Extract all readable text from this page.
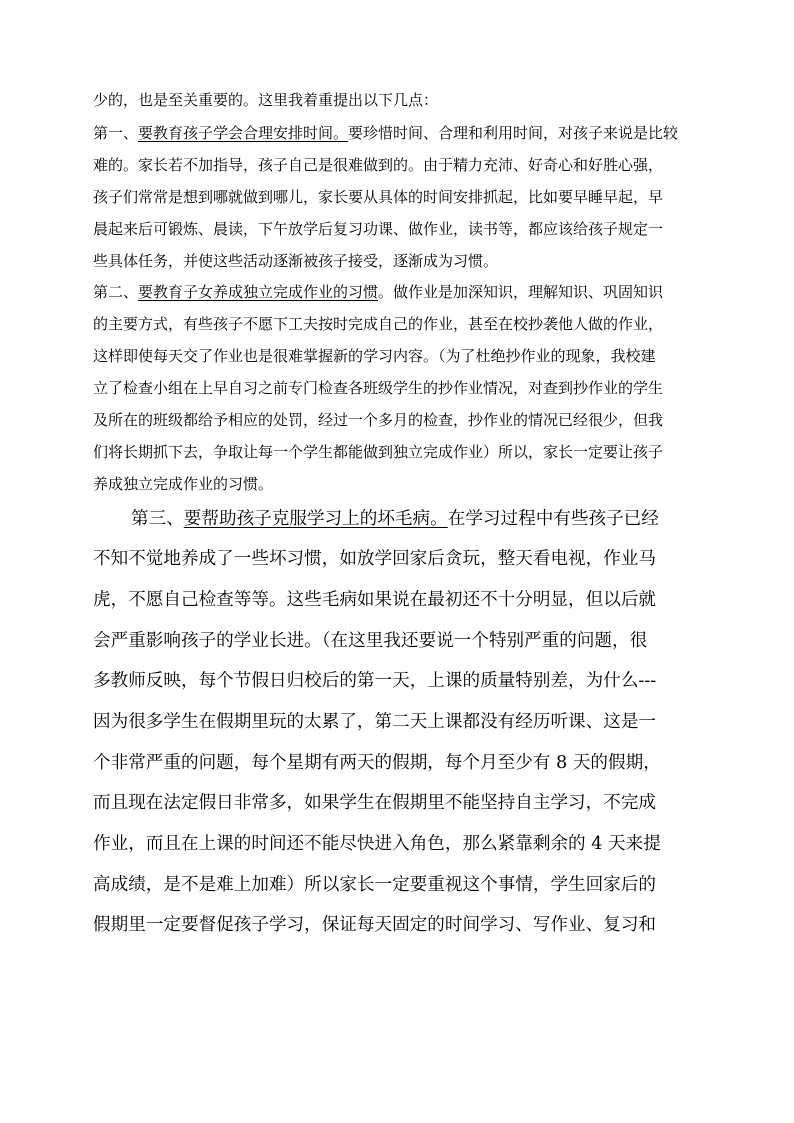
少的，也是至关重要的。这里我着重提出以下几点：
第一、要教育孩子学会合理安排时间。要珍惜时间、合理和利用时间，对孩子来说是比较
难的。家长若不加指导，孩子自己是很难做到的。由于精力充沛、好奇心和好胜心强，
孩子们常常是想到哪就做到哪儿，家长要从具体的时间安排抓起，比如要早睡早起，早
晨起来后可锻炼、晨读，下午放学后复习功课、做作业，读书等，都应该给孩子规定一
些具体任务，并使这些活动逐渐被孩子接受，逐渐成为习惯。
第二、要教育子女养成独立完成作业的习惯。做作业是加深知识，理解知识、巩固知识
的主要方式，有些孩子不愿下工夫按时完成自己的作业，甚至在校抄袭他人做的作业，
这样即使每天交了作业也是很难掌握新的学习内容。（为了杜绝抄作业的现象，我校建
立了检查小组在上早自习之前专门检查各班级学生的抄作业情况，对查到抄作业的学生
及所在的班级都给予相应的处罚，经过一个多月的检查，抄作业的情况已经很少，但我
们将长期抓下去，争取让每一个学生都能做到独立完成作业）所以，家长一定要让孩子
养成独立完成作业的习惯。
第三、要帮助孩子克服学习上的坏毛病。在学习过程中有些孩子已经
不知不觉地养成了一些坏习惯，如放学回家后贪玩，整天看电视，作业马
虎，不愿自己检查等等。这些毛病如果说在最初还不十分明显，但以后就
会严重影响孩子的学业长进。（在这里我还要说一个特别严重的问题，很
多教师反映，每个节假日归校后的第一天，上课的质量特别差，为什么---
因为很多学生在假期里玩的太累了，第二天上课都没有经历听课、这是一
个非常严重的问题，每个星期有两天的假期，每个月至少有 8 天的假期，
而且现在法定假日非常多，如果学生在假期里不能坚持自主学习，不完成
作业，而且在上课的时间还不能尽快进入角色，那么紧靠剩余的 4 天来提
高成绩，是不是难上加难）所以家长一定要重视这个事情，学生回家后的
假期里一定要督促孩子学习，保证每天固定的时间学习、写作业、复习和
